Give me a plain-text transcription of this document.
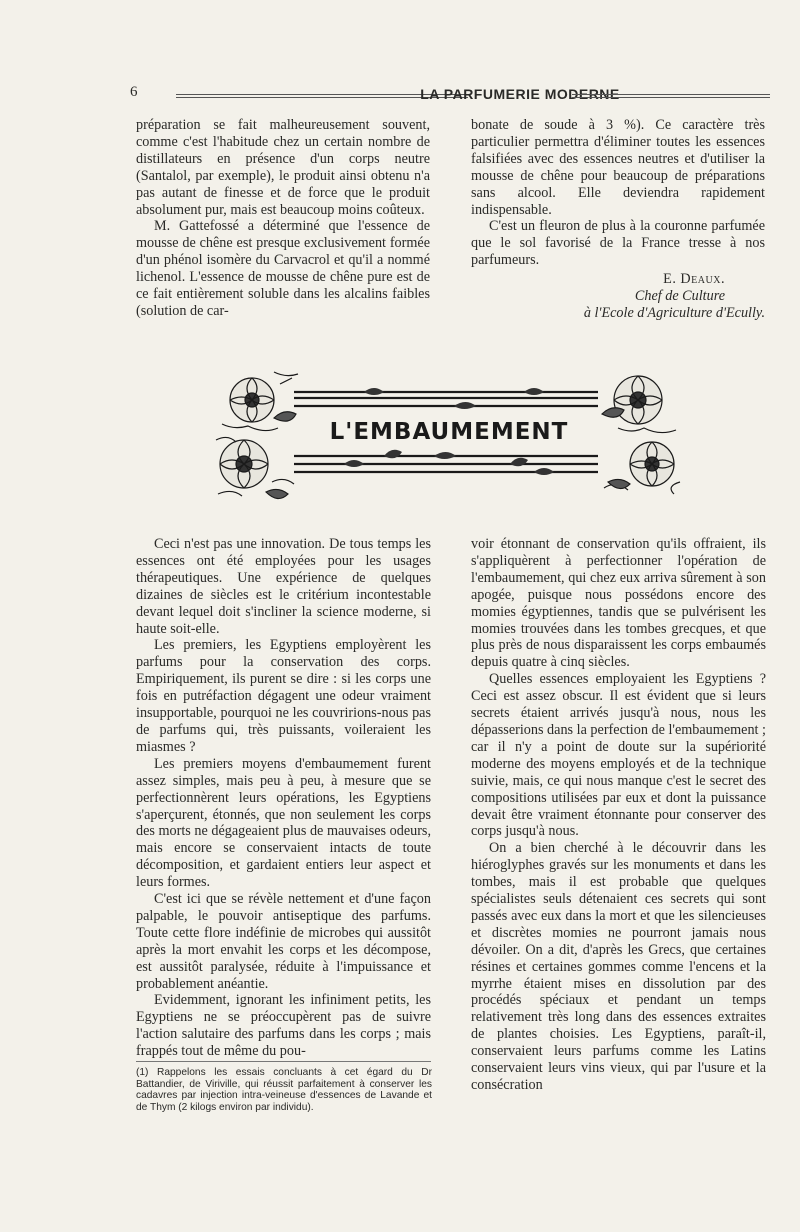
6	LA PARFUMERIE MODERNE

préparation se fait malheureusement souvent, comme c'est l'habitude chez un certain nombre de distillateurs en présence d'un corps neutre (Santalol, par exemple), le produit ainsi obtenu n'a pas autant de finesse et de force que le produit absolument pur, mais est beaucoup moins coûteux.

M. Gattefossé a déterminé que l'essence de mousse de chêne est presque exclusivement formée d'un phénol isomère du Carvacrol et qu'il a nommé lichenol. L'essence de mousse de chêne pure est de ce fait entièrement soluble dans les alcalins faibles (solution de car-

bonate de soude à 3 %). Ce caractère très particulier permettra d'éliminer toutes les essences falsifiées avec des essences neutres et d'utiliser la mousse de chêne pour beaucoup de préparations sans alcool. Elle deviendra rapidement indispensable.

C'est un fleuron de plus à la couronne parfumée que le sol favorisé de la France tresse à nos parfumeurs.

E. Deaux.
Chef de Culture
à l'Ecole d'Agriculture d'Ecully.
L'EMBAUMEMENT

Ceci n'est pas une innovation. De tous temps les essences ont été employées pour les usages thérapeutiques. Une expérience de quelques dizaines de siècles est le critérium incontestable devant lequel doit s'incliner la science moderne, si haute soit-elle.

Les premiers, les Egyptiens employèrent les parfums pour la conservation des corps. Empiriquement, ils purent se dire : si les corps une fois en putréfaction dégagent une odeur vraiment insupportable, pourquoi ne les couvririons-nous pas de parfums qui, très puissants, voileraient les miasmes ?

Les premiers moyens d'embaumement furent assez simples, mais peu à peu, à mesure que se perfectionnèrent leurs opérations, les Egyptiens s'aperçurent, étonnés, que non seulement les corps des morts ne dégageaient plus de mauvaises odeurs, mais encore se conservaient intacts de toute décomposition, et gardaient entiers leur aspect et leurs formes.

C'est ici que se révèle nettement et d'une façon palpable, le pouvoir antiseptique des parfums. Toute cette flore indéfinie de microbes qui aussitôt après la mort envahit les corps et les décompose, est aussitôt paralysée, réduite à l'impuissance et probablement anéantie.

Evidemment, ignorant les infiniment petits, les Egyptiens ne se préoccupèrent pas de suivre l'action salutaire des parfums dans les corps ; mais frappés tout de même du pou-

voir étonnant de conservation qu'ils offraient, ils s'appliquèrent à perfectionner l'opération de l'embaumement, qui chez eux arriva sûrement à son apogée, puisque nous possédons encore des momies égyptiennes, tandis que se pulvérisent les momies trouvées dans les tombes grecques, et que plus près de nous disparaissent les corps embaumés depuis quatre à cinq siècles.

Quelles essences employaient les Egyptiens ? Ceci est assez obscur. Il est évident que si leurs secrets étaient arrivés jusqu'à nous, nous les dépasserions dans la perfection de l'embaumement ; car il n'y a point de doute sur la supériorité moderne des moyens employés et de la technique suivie, mais, ce qui nous manque c'est le secret des compositions utilisées par eux et dont la puissance devait être vraiment étonnante pour conserver des corps jusqu'à nous.

On a bien cherché à le découvrir dans les hiéroglyphes gravés sur les monuments et dans les tombes, mais il est probable que quelques spécialistes seuls détenaient ces secrets qui sont passés avec eux dans la mort et que les silencieuses et discrètes momies ne pourront jamais nous dévoiler. On a dit, d'après les Grecs, que certaines résines et certaines gommes comme l'encens et la myrrhe étaient mises en dissolution par des procédés spéciaux et pendant un temps relativement très long dans des essences extraites de plantes choisies. Les Egyptiens, paraît-il, conservaient leurs parfums comme les Latins conservaient leurs vins vieux, qui par l'usure et la consécration

(1) Rappelons les essais concluants à cet égard du Dr Battandier, de Viriville, qui réussit parfaitement à conserver les cadavres par injection intra-veineuse d'essences de Lavande et de Thym (2 kilogs environ par individu).
